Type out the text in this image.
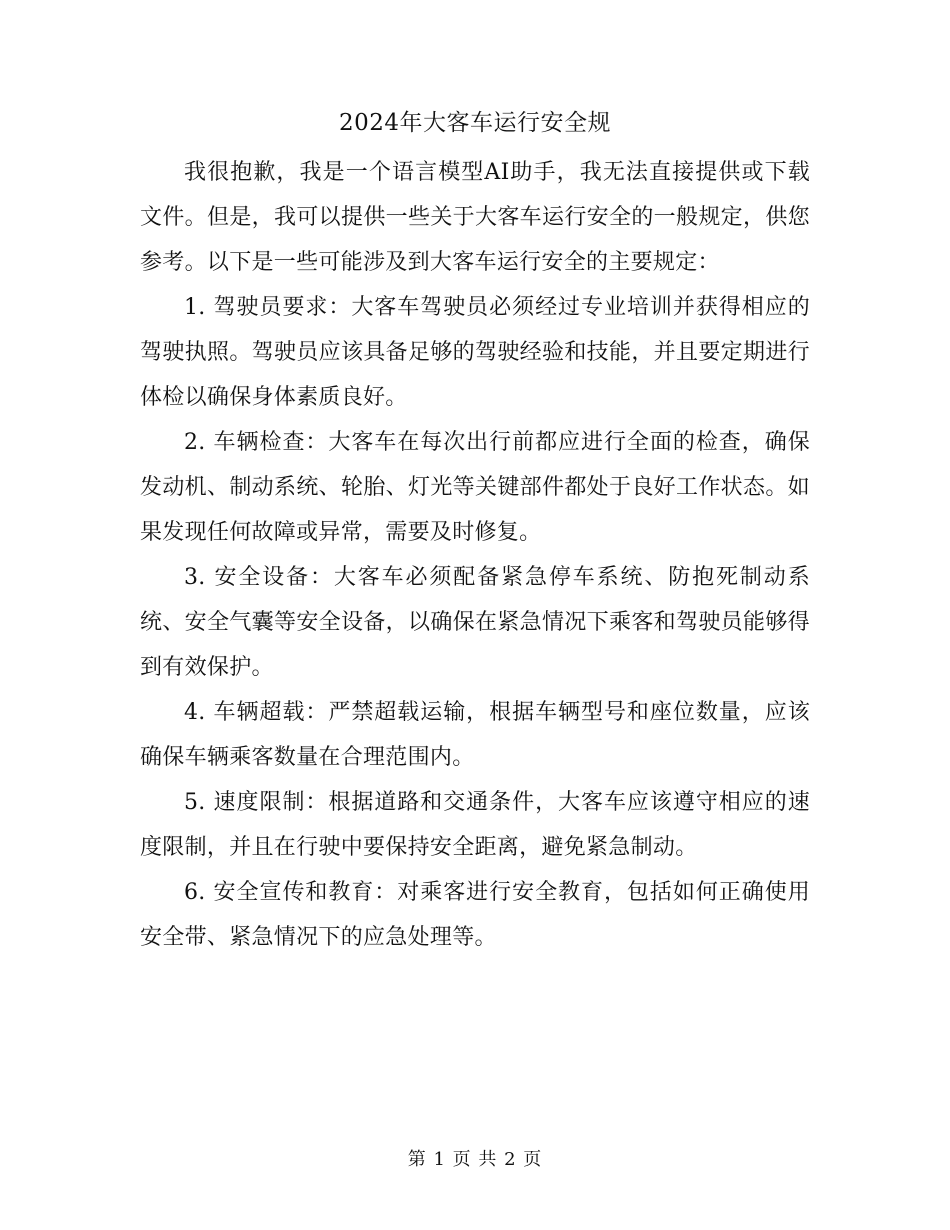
2024年大客车运行安全规

我很抱歉，我是一个语言模型AI助手，我无法直接提供或下载文件。但是，我可以提供一些关于大客车运行安全的一般规定，供您参考。以下是一些可能涉及到大客车运行安全的主要规定：

1. 驾驶员要求：大客车驾驶员必须经过专业培训并获得相应的驾驶执照。驾驶员应该具备足够的驾驶经验和技能，并且要定期进行体检以确保身体素质良好。

2. 车辆检查：大客车在每次出行前都应进行全面的检查，确保发动机、制动系统、轮胎、灯光等关键部件都处于良好工作状态。如果发现任何故障或异常，需要及时修复。

3. 安全设备：大客车必须配备紧急停车系统、防抱死制动系统、安全气囊等安全设备，以确保在紧急情况下乘客和驾驶员能够得到有效保护。

4. 车辆超载：严禁超载运输，根据车辆型号和座位数量，应该确保车辆乘客数量在合理范围内。

5. 速度限制：根据道路和交通条件，大客车应该遵守相应的速度限制，并且在行驶中要保持安全距离，避免紧急制动。

6. 安全宣传和教育：对乘客进行安全教育，包括如何正确使用安全带、紧急情况下的应急处理等。

第 1 页 共 2 页
